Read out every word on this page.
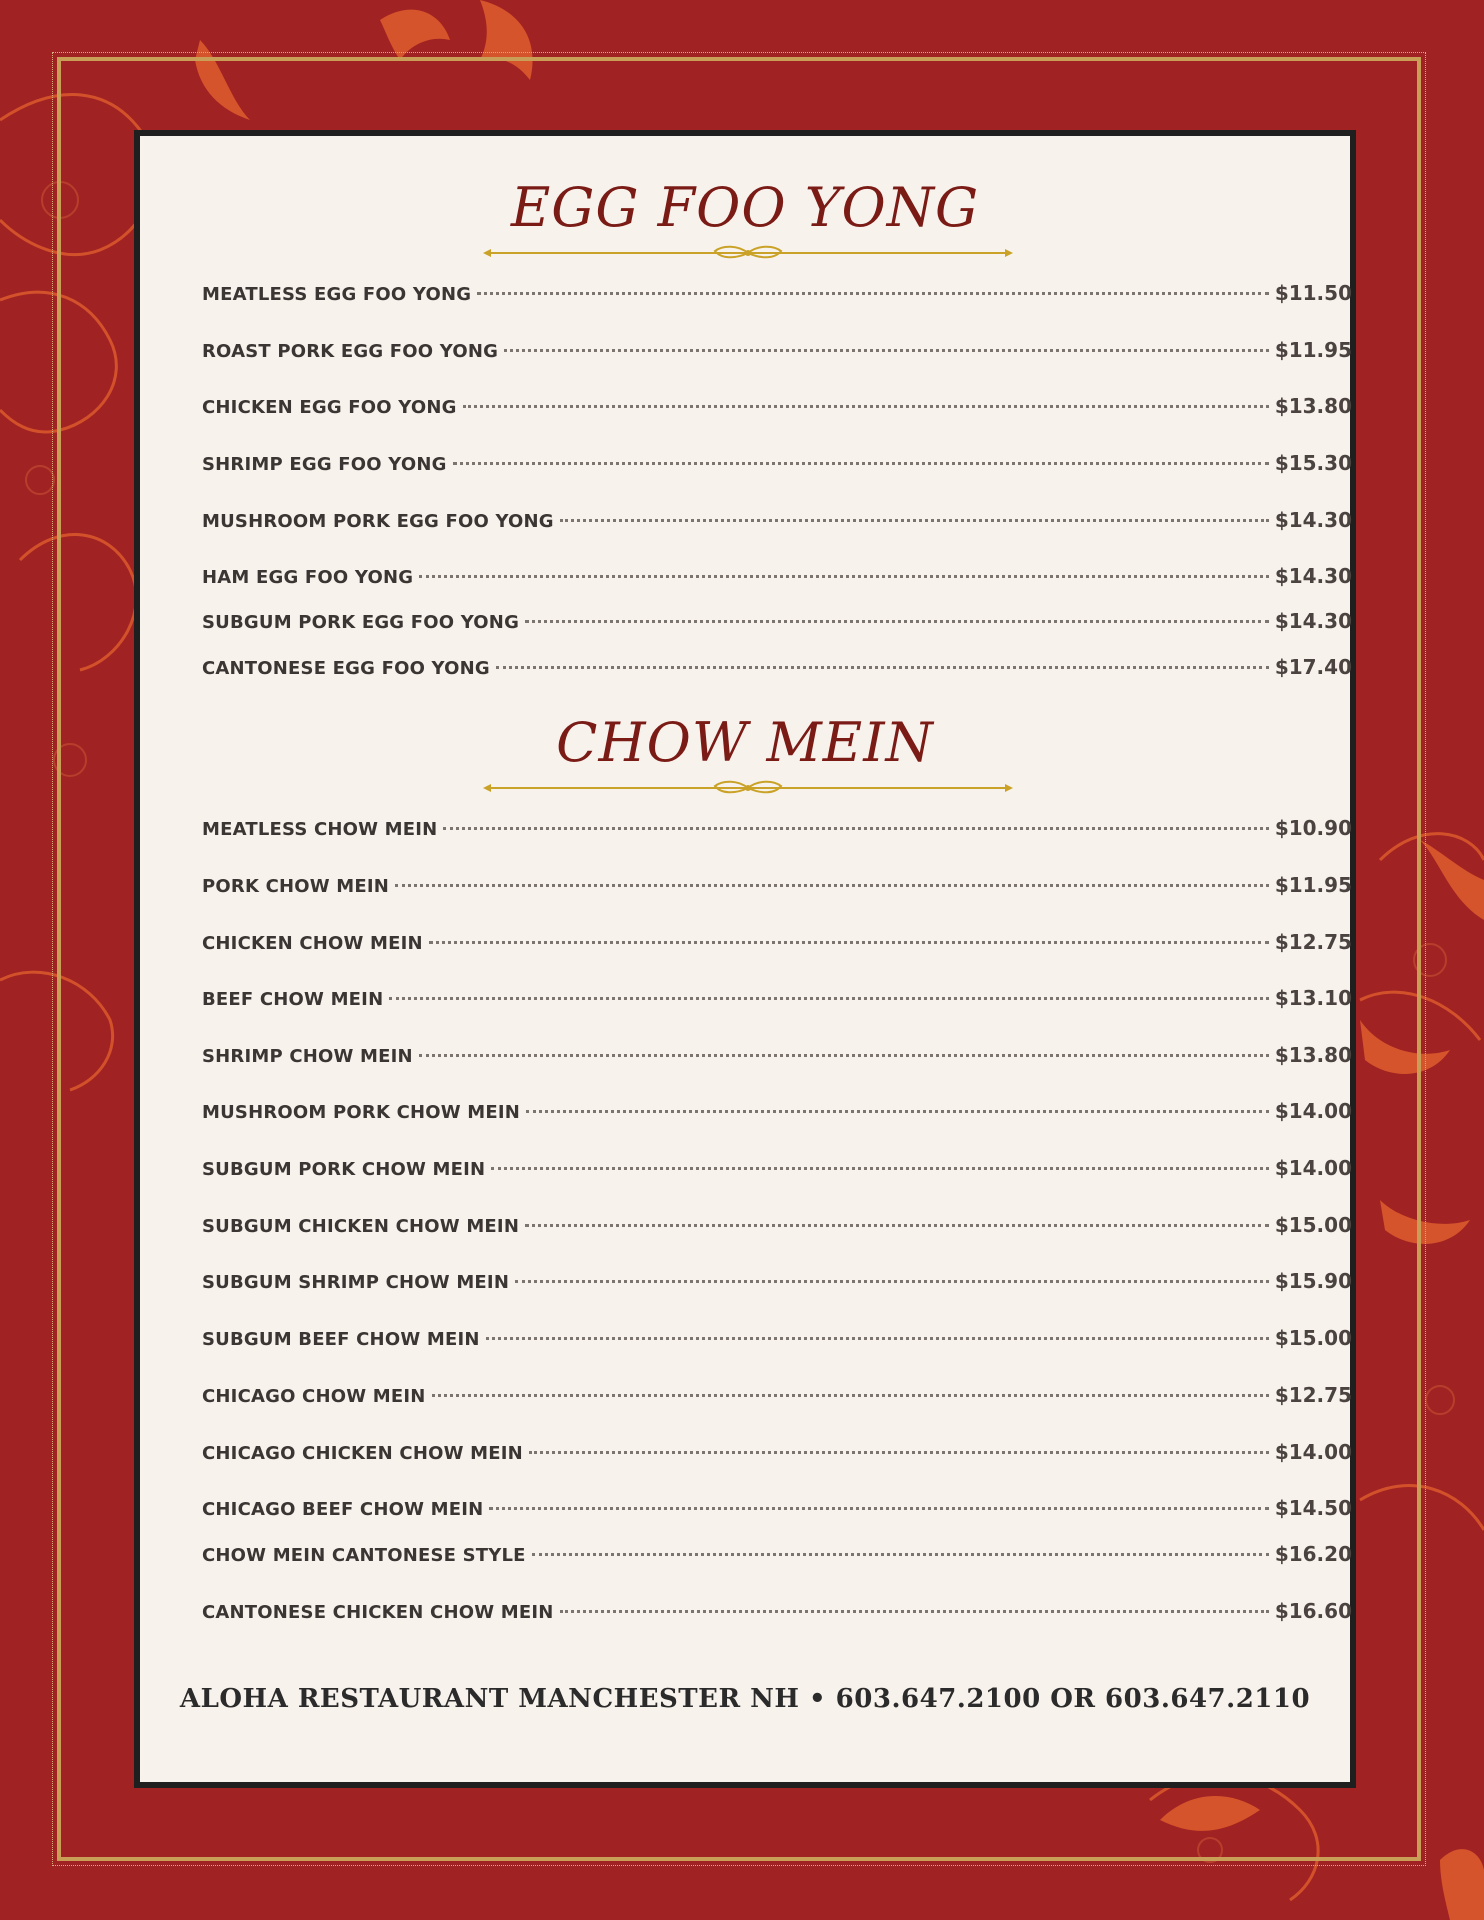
EGG FOO YONG
MEATLESS EGG FOO YONG	$11.50
ROAST PORK EGG FOO YONG	$11.95
CHICKEN EGG FOO YONG	$13.80
SHRIMP EGG FOO YONG	$15.30
MUSHROOM PORK EGG FOO YONG	$14.30
HAM EGG FOO YONG	$14.30
SUBGUM PORK EGG FOO YONG	$14.30
CANTONESE EGG FOO YONG	$17.40
CHOW MEIN
MEATLESS CHOW MEIN	$10.90
PORK CHOW MEIN	$11.95
CHICKEN CHOW MEIN	$12.75
BEEF CHOW MEIN	$13.10
SHRIMP CHOW MEIN	$13.80
MUSHROOM PORK CHOW MEIN	$14.00
SUBGUM PORK CHOW MEIN	$14.00
SUBGUM CHICKEN CHOW MEIN	$15.00
SUBGUM SHRIMP CHOW MEIN	$15.90
SUBGUM BEEF CHOW MEIN	$15.00
CHICAGO CHOW MEIN	$12.75
CHICAGO CHICKEN CHOW MEIN	$14.00
CHICAGO BEEF CHOW MEIN	$14.50
CHOW MEIN CANTONESE STYLE	$16.20
CANTONESE CHICKEN CHOW MEIN	$16.60
ALOHA RESTAURANT MANCHESTER NH • 603.647.2100 OR 603.647.2110
